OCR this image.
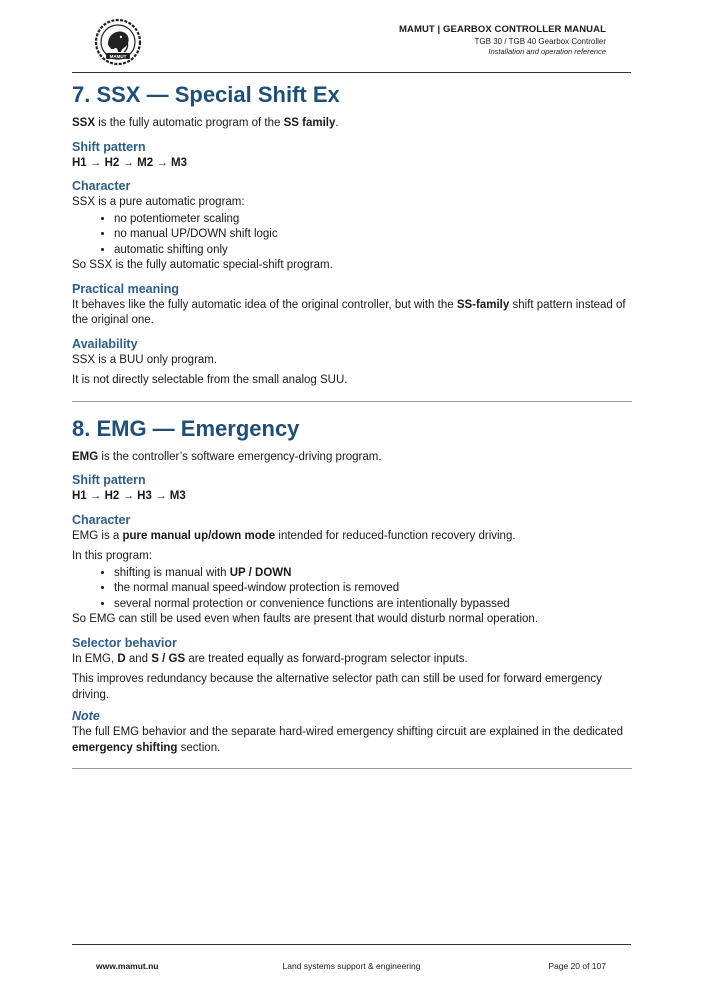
MAMUT
MAMUT | GEARBOX CONTROLLER MANUAL
TGB 30 / TGB 40 Gearbox Controller
Installation and operation reference
7. SSX — Special Shift Ex

SSX is the fully automatic program of the SS family.

Shift pattern

H1 → H2 → M2 → M3

Character

SSX is a pure automatic program:

• no potentiometer scaling
• no manual UP/DOWN shift logic
• automatic shifting only

So SSX is the fully automatic special-shift program.

Practical meaning

It behaves like the fully automatic idea of the original controller, but with the SS-family shift pattern instead of the original one.

Availability

SSX is a BUU only program.

It is not directly selectable from the small analog SUU.

8. EMG — Emergency

EMG is the controller’s software emergency-driving program.

Shift pattern

H1 → H2 → H3 → M3

Character

EMG is a pure manual up/down mode intended for reduced-function recovery driving.

In this program:

• shifting is manual with UP / DOWN
• the normal manual speed-window protection is removed
• several normal protection or convenience functions are intentionally bypassed

So EMG can still be used even when faults are present that would disturb normal operation.

Selector behavior

In EMG, D and S / GS are treated equally as forward-program selector inputs.

This improves redundancy because the alternative selector path can still be used for forward emergency driving.

Note

The full EMG behavior and the separate hard-wired emergency shifting circuit are explained in the dedicated emergency shifting section.

www.mamut.nu	Land systems support & engineering	Page 20 of 107
